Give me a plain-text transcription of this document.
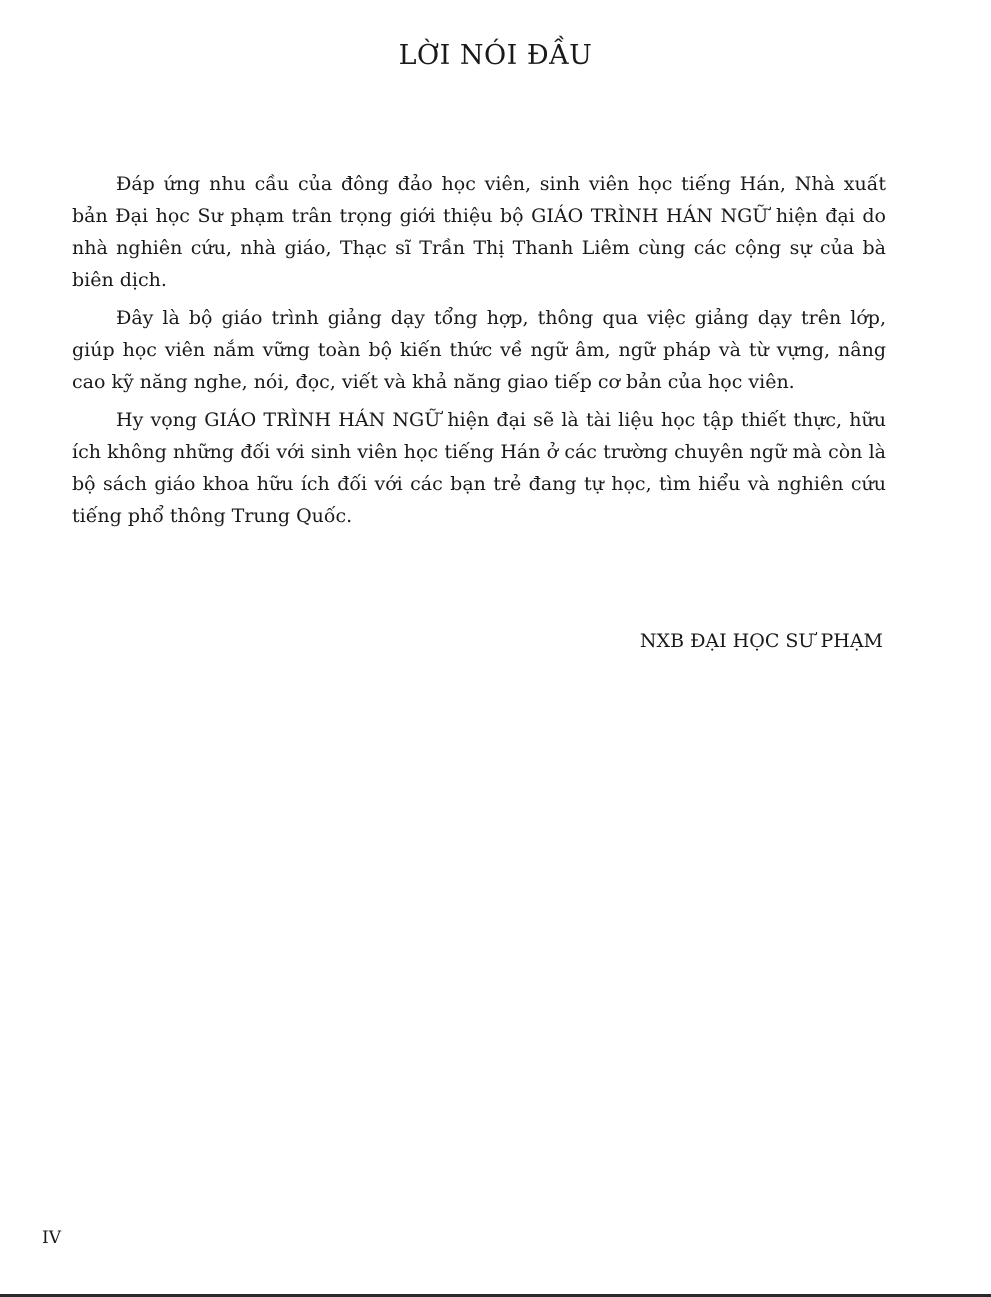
LỜI NÓI ĐẦU

Đáp ứng nhu cầu của đông đảo học viên, sinh viên học tiếng Hán, Nhà xuất bản Đại học Sư phạm trân trọng giới thiệu bộ GIÁO TRÌNH HÁN NGỮ hiện đại do nhà nghiên cứu, nhà giáo, Thạc sĩ Trần Thị Thanh Liêm cùng các cộng sự của bà biên dịch.

Đây là bộ giáo trình giảng dạy tổng hợp, thông qua việc giảng dạy trên lớp, giúp học viên nắm vững toàn bộ kiến thức về ngữ âm, ngữ pháp và từ vựng, nâng cao kỹ năng nghe, nói, đọc, viết và khả năng giao tiếp cơ bản của học viên.

Hy vọng GIÁO TRÌNH HÁN NGỮ hiện đại sẽ là tài liệu học tập thiết thực, hữu ích không những đối với sinh viên học tiếng Hán ở các trường chuyên ngữ mà còn là bộ sách giáo khoa hữu ích đối với các bạn trẻ đang tự học, tìm hiểu và nghiên cứu tiếng phổ thông Trung Quốc.

NXB ĐẠI HỌC SƯ PHẠM

IV
